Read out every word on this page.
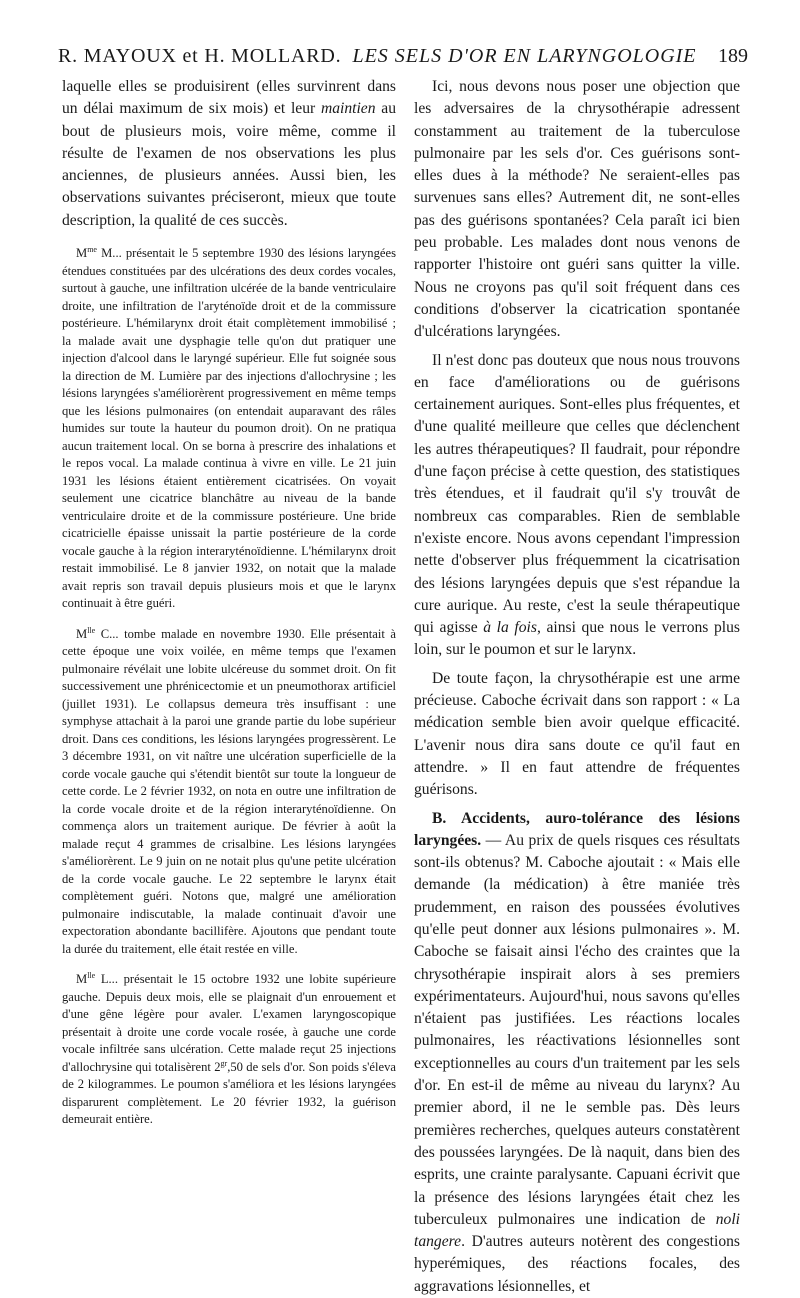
R. MAYOUX et H. MOLLARD. LES SELS D'OR EN LARYNGOLOGIE 189

laquelle elles se produisirent (elles survinrent dans un délai maximum de six mois) et leur maintien au bout de plusieurs mois, voire même, comme il résulte de l'examen de nos observations les plus anciennes, de plusieurs années. Aussi bien, les observations suivantes préciseront, mieux que toute description, la qualité de ces succès.

$M^{me}$ M... présentait le 5 septembre 1930 des lésions laryngées étendues constituées par des ulcérations des deux cordes vocales, surtout à gauche, une infiltration ulcérée de la bande ventriculaire droite, une infiltration de l'aryténoïde droit et de la commissure postérieure. L'hémilarynx droit était complètement immobilisé ; la malade avait une dysphagie telle qu'on dut pratiquer une injection d'alcool dans le laryngé supérieur. Elle fut soignée sous la direction de M. Lumière par des injections d'allochrysine ; les lésions laryngées s'améliorèrent progressivement en même temps que les lésions pulmonaires (on entendait auparavant des râles humides sur toute la hauteur du poumon droit). On ne pratiqua aucun traitement local. On se borna à prescrire des inhalations et le repos vocal. La malade continua à vivre en ville. Le 21 juin 1931 les lésions étaient entièrement cicatrisées. On voyait seulement une cicatrice blanchâtre au niveau de la bande ventriculaire droite et de la commissure postérieure. Une bride cicatricielle épaisse unissait la partie postérieure de la corde vocale gauche à la région interaryténoïdienne. L'hémilarynx droit restait immobilisé. Le 8 janvier 1932, on notait que la malade avait repris son travail depuis plusieurs mois et que le larynx continuait à être guéri.

$M^{lle}$ C... tombe malade en novembre 1930. Elle présentait à cette époque une voix voilée, en même temps que l'examen pulmonaire révélait une lobite ulcéreuse du sommet droit. On fit successivement une phrénicectomie et un pneumothorax artificiel (juillet 1931). Le collapsus demeura très insuffisant : une symphyse attachait à la paroi une grande partie du lobe supérieur droit. Dans ces conditions, les lésions laryngées progressèrent. Le 3 décembre 1931, on vit naître une ulcération superficielle de la corde vocale gauche qui s'étendit bientôt sur toute la longueur de cette corde. Le 2 février 1932, on nota en outre une infiltration de la corde vocale droite et de la région interaryténoïdienne. On commença alors un traitement aurique. De février à août la malade reçut 4 grammes de crisalbine. Les lésions laryngées s'améliorèrent. Le 9 juin on ne notait plus qu'une petite ulcération de la corde vocale gauche. Le 22 septembre le larynx était complètement guéri. Notons que, malgré une amélioration pulmonaire indiscutable, la malade continuait d'avoir une expectoration abondante bacillifère. Ajoutons que pendant toute la durée du traitement, elle était restée en ville.

$M^{lle}$ L... présentait le 15 octobre 1932 une lobite supérieure gauche. Depuis deux mois, elle se plaignait d'un enrouement et d'une gêne légère pour avaler. L'examen laryngoscopique présentait à droite une corde vocale rosée, à gauche une corde vocale infiltrée sans ulcération. Cette malade reçut 25 injections d'allochrysine qui totalisèrent $2^{gr},50$ de sels d'or. Son poids s'éleva de 2 kilogrammes. Le poumon s'améliora et les lésions laryngées disparurent complètement. Le 20 février 1932, la guérison demeurait entière.

Ici, nous devons nous poser une objection que les adversaires de la chrysothérapie adressent constamment au traitement de la tuberculose pulmonaire par les sels d'or. Ces guérisons sont-elles dues à la méthode? Ne seraient-elles pas survenues sans elles? Autrement dit, ne sont-elles pas des guérisons spontanées? Cela paraît ici bien peu probable. Les malades dont nous venons de rapporter l'histoire ont guéri sans quitter la ville. Nous ne croyons pas qu'il soit fréquent dans ces conditions d'observer la cicatrication spontanée d'ulcérations laryngées.

Il n'est donc pas douteux que nous nous trouvons en face d'améliorations ou de guérisons certainement auriques. Sont-elles plus fréquentes, et d'une qualité meilleure que celles que déclenchent les autres thérapeutiques? Il faudrait, pour répondre d'une façon précise à cette question, des statistiques très étendues, et il faudrait qu'il s'y trouvât de nombreux cas comparables. Rien de semblable n'existe encore. Nous avons cependant l'impression nette d'observer plus fréquemment la cicatrisation des lésions laryngées depuis que s'est répandue la cure aurique. Au reste, c'est la seule thérapeutique qui agisse à la fois, ainsi que nous le verrons plus loin, sur le poumon et sur le larynx.

De toute façon, la chrysothérapie est une arme précieuse. Caboche écrivait dans son rapport : « La médication semble bien avoir quelque efficacité. L'avenir nous dira sans doute ce qu'il faut en attendre. » Il en faut attendre de fréquentes guérisons.

B. Accidents, auro-tolérance des lésions laryngées. — Au prix de quels risques ces résultats sont-ils obtenus? M. Caboche ajoutait : « Mais elle demande (la médication) à être maniée très prudemment, en raison des poussées évolutives qu'elle peut donner aux lésions pulmonaires ». M. Caboche se faisait ainsi l'écho des craintes que la chrysothérapie inspirait alors à ses premiers expérimentateurs. Aujourd'hui, nous savons qu'elles n'étaient pas justifiées. Les réactions locales pulmonaires, les réactivations lésionnelles sont exceptionnelles au cours d'un traitement par les sels d'or. En est-il de même au niveau du larynx? Au premier abord, il ne le semble pas. Dès leurs premières recherches, quelques auteurs constatèrent des poussées laryngées. De là naquit, dans bien des esprits, une crainte paralysante. Capuani écrivit que la présence des lésions laryngées était chez les tuberculeux pulmonaires une indication de noli tangere. D'autres auteurs notèrent des congestions hyperémiques, des réactions focales, des aggravations lésionnelles, et
